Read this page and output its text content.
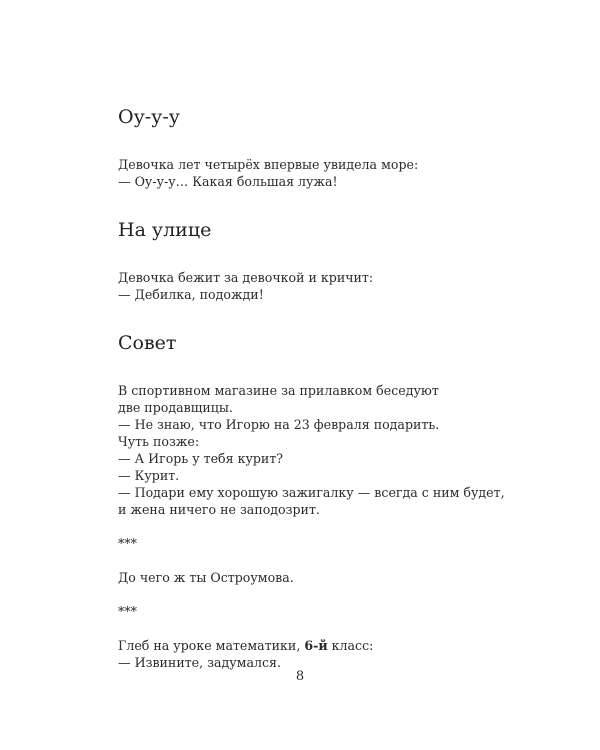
Оу-у-у

Девочка лет четырёх впервые увидела море:

— Оу-у-у… Какая большая лужа!

На улице

Девочка бежит за девочкой и кричит:

— Дебилка, подожди!

Совет

В спортивном магазине за прилавком беседуют

две продавщицы.

— Не знаю, что Игорю на 23 февраля подарить.

Чуть позже:

— А Игорь у тебя курит?

— Курит.

— Подари ему хорошую зажигалку — всегда с ним будет,

и жена ничего не заподозрит.

***

До чего ж ты Остроумова.

***

Глеб на уроке математики, 6-й класс:

— Извините, задумался.

8
